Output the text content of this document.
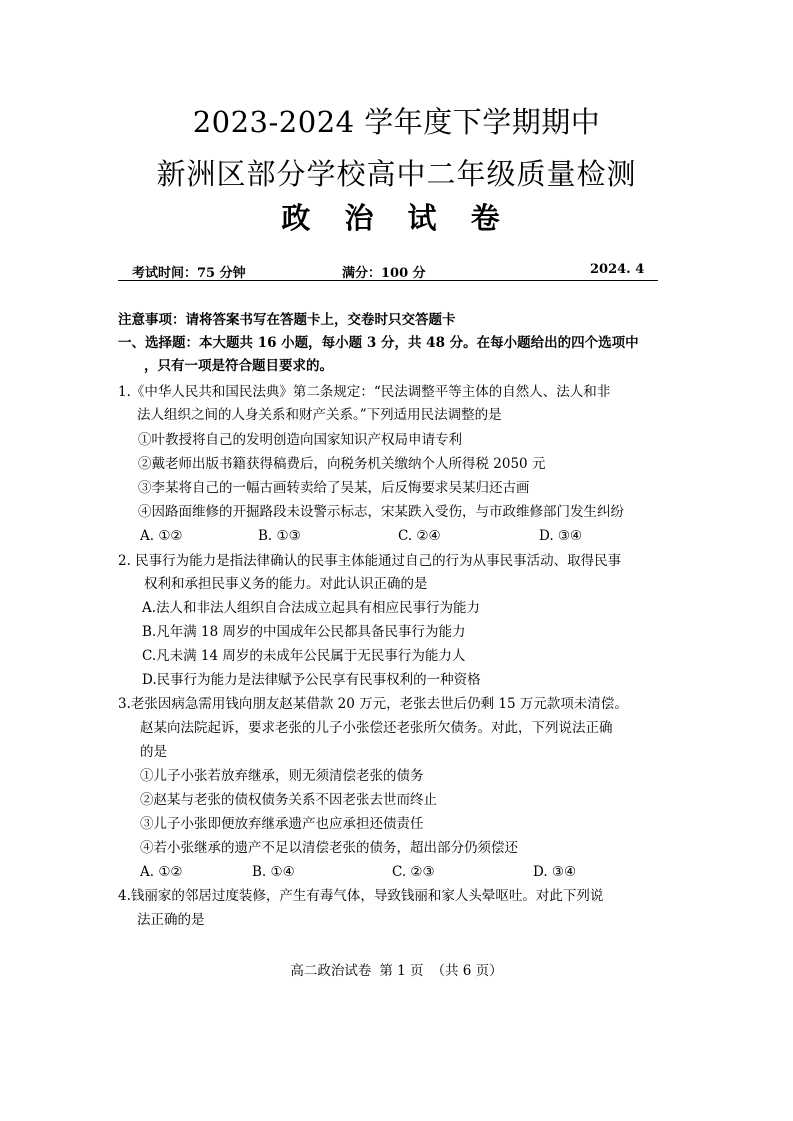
2023-2024 学年度下学期期中
新洲区部分学校高中二年级质量检测
政 治 试 卷
考试时间：75 分钟	满分：100 分	2024. 4
注意事项：请将答案书写在答题卡上，交卷时只交答题卡
一、选择题：本大题共 16 小题，每小题 3 分，共 48 分。在每小题给出的四个选项中
，只有一项是符合题目要求的。
1.《中华人民共和国民法典》第二条规定：“民法调整平等主体的自然人、法人和非
法人组织之间的人身关系和财产关系。”下列适用民法调整的是
①叶教授将自己的发明创造向国家知识产权局申请专利
②戴老师出版书籍获得稿费后，向税务机关缴纳个人所得税 2050 元
③李某将自己的一幅古画转卖给了吴某，后反悔要求吴某归还古画
④因路面维修的开掘路段未设警示标志，宋某跌入受伤，与市政维修部门发生纠纷
A. ①②	B. ①③	C. ②④	D. ③④
2. 民事行为能力是指法律确认的民事主体能通过自己的行为从事民事活动、取得民事
权利和承担民事义务的能力。对此认识正确的是
A.法人和非法人组织自合法成立起具有相应民事行为能力
B.凡年满 18 周岁的中国成年公民都具备民事行为能力
C.凡未满 14 周岁的未成年公民属于无民事行为能力人
D.民事行为能力是法律赋予公民享有民事权利的一种资格
3.老张因病急需用钱向朋友赵某借款 20 万元，老张去世后仍剩 15 万元款项未清偿。
赵某向法院起诉，要求老张的儿子小张偿还老张所欠债务。对此，下列说法正确
的是
①儿子小张若放弃继承，则无须清偿老张的债务
②赵某与老张的债权债务关系不因老张去世而终止
③儿子小张即便放弃继承遗产也应承担还债责任
④若小张继承的遗产不足以清偿老张的债务，超出部分仍须偿还
A. ①②	B. ①④	C. ②③	D. ③④
4.钱丽家的邻居过度装修，产生有毒气体，导致钱丽和家人头晕呕吐。对此下列说
法正确的是
高二政治试卷 第 1 页 （共 6 页）
